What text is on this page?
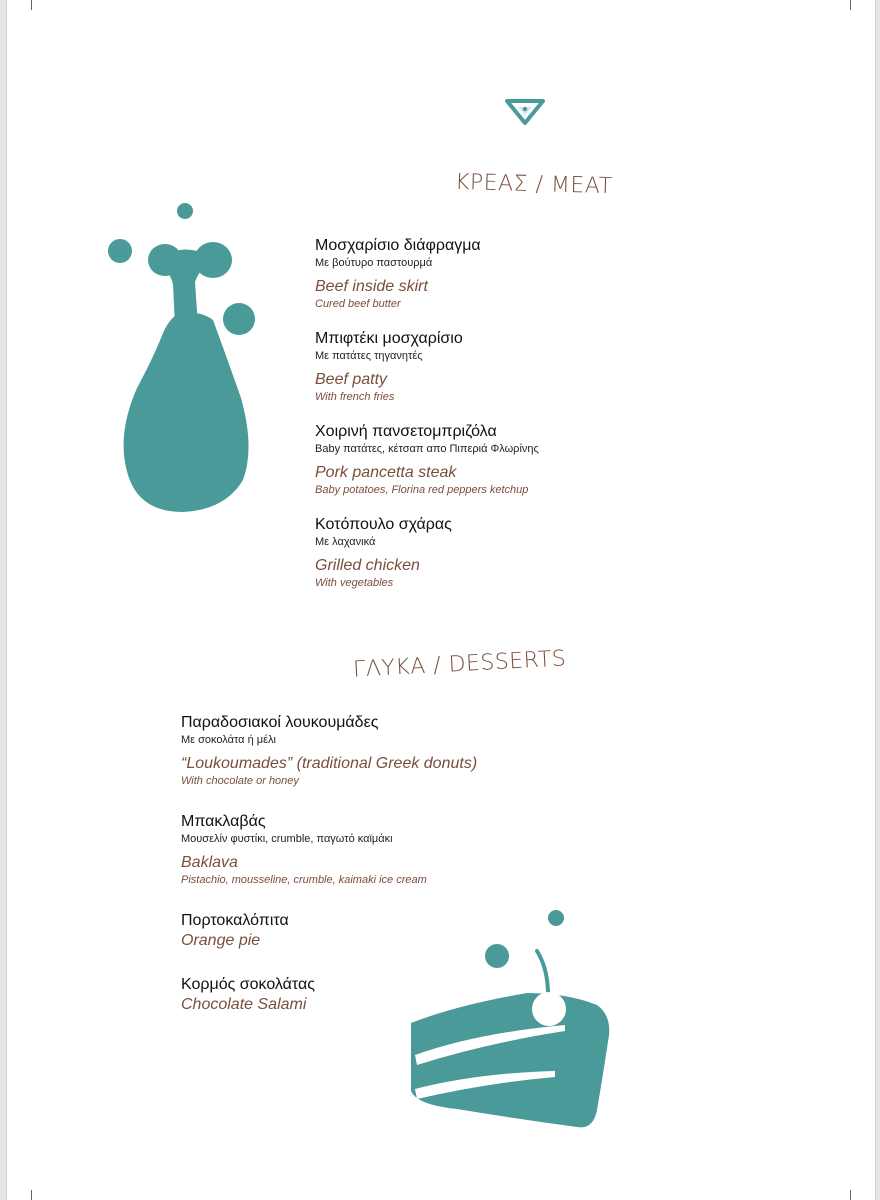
ΚΡΕΑΣ / MEAT
Μοσχαρίσιο διάφραγμα
Με βούτυρο παστουρμά
Beef inside skirt
Cured beef butter
Μπιφτέκι μοσχαρίσιο
Με πατάτες τηγανητές
Beef patty
With french fries
Χοιρινή πανσετομπριζόλα
Baby πατάτες, κέτσαπ απο Πιπεριά Φλωρίνης
Pork pancetta steak
Baby potatoes, Florina red peppers ketchup
Κοτόπουλο σχάρας
Με λαχανικά
Grilled chicken
With vegetables
ΓΛΥΚΑ / DESSERTS
Παραδοσιακοί λουκουμάδες
Με σοκολάτα ή μέλι
“Loukoumades” (traditional Greek donuts)
With chocolate or honey
Μπακλαβάς
Μουσελίν φυστίκι, crumble, παγωτό καϊμάκι
Baklava
Pistachio, mousseline, crumble, kaimaki ice cream
Πορτοκαλόπιτα
Orange pie
Κορμός σοκολάτας
Chocolate Salami
